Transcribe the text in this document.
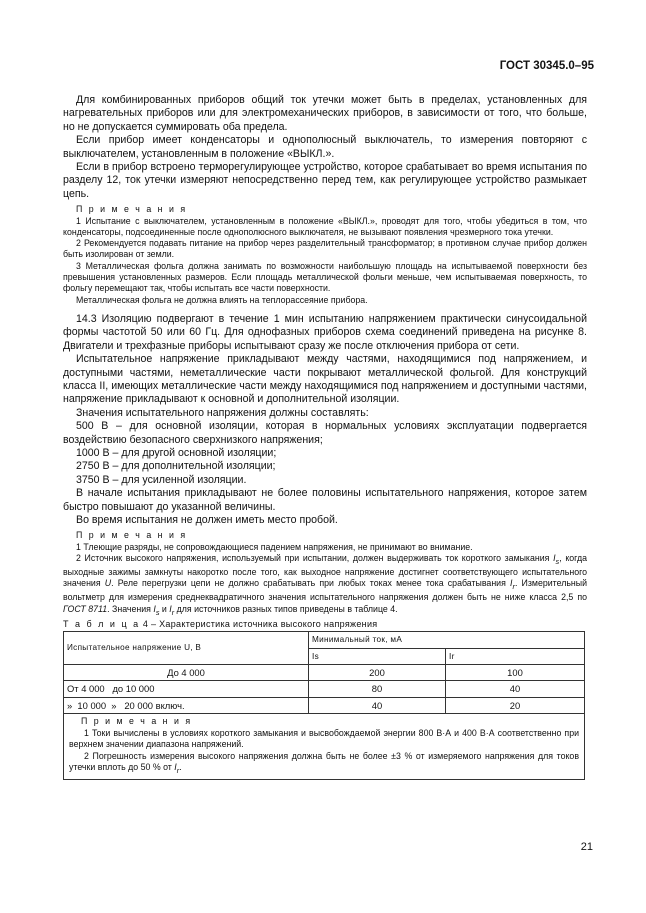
ГОСТ 30345.0–95

Для комбинированных приборов общий ток утечки может быть в пределах, установленных для нагревательных приборов или для электромеханических приборов, в зависимости от того, что больше, но не допускается суммировать оба предела.

Если прибор имеет конденсаторы и однополюсный выключатель, то измерения повторяют с выключателем, установленным в положение «ВЫКЛ.».

Если в прибор встроено терморегулирующее устройство, которое срабатывает во время испытания по разделу 12, ток утечки измеряют непосредственно перед тем, как регулирующее устройство размыкает цепь.

П р и м е ч а н и я

1 Испытание с выключателем, установленным в положение «ВЫКЛ.», проводят для того, чтобы убедиться в том, что конденсаторы, подсоединенные после однополюсного выключателя, не вызывают появления чрезмерного тока утечки.

2 Рекомендуется подавать питание на прибор через разделительный трансформатор; в противном случае прибор должен быть изолирован от земли.

3 Металлическая фольга должна занимать по возможности наибольшую площадь на испытываемой поверхности без превышения установленных размеров. Если площадь металлической фольги меньше, чем испытываемая поверхность, то фольгу перемещают так, чтобы испытать все части поверхности.

Металлическая фольга не должна влиять на теплорассеяние прибора.

14.3 Изоляцию подвергают в течение 1 мин испытанию напряжением практически синусоидальной формы частотой 50 или 60 Гц. Для однофазных приборов схема соединений приведена на рисунке 8. Двигатели и трехфазные приборы испытывают сразу же после отключения прибора от сети.

Испытательное напряжение прикладывают между частями, находящимися под напряжением, и доступными частями, неметаллические части покрывают металлической фольгой. Для конструкций класса II, имеющих металлические части между находящимися под напряжением и доступными частями, напряжение прикладывают к основной и дополнительной изоляции.

Значения испытательного напряжения должны составлять:

500 В – для основной изоляции, которая в нормальных условиях эксплуатации подвергается воздействию безопасного сверхнизкого напряжения;

1000 В – для другой основной изоляции;

2750 В – для дополнительной изоляции;

3750 В – для усиленной изоляции.

В начале испытания прикладывают не более половины испытательного напряжения, которое затем быстро повышают до указанной величины.

Во время испытания не должен иметь место пробой.

П р и м е ч а н и я

1 Тлеющие разряды, не сопровождающиеся падением напряжения, не принимают во внимание.

2 Источник высокого напряжения, используемый при испытании, должен выдерживать ток короткого замыкания $I_s$, когда выходные зажимы замкнуты накоротко после того, как выходное напряжение достигнет соответствующего испытательного значения U. Реле перегрузки цепи не должно срабатывать при любых токах менее тока срабатывания $I_r$. Измерительный вольтметр для измерения среднеквадратичного значения испытательного напряжения должен быть не ниже класса 2,5 по ГОСТ 8711. Значения $I_s$ и $I_r$ для источников разных типов приведены в таблице 4.

Т а б л и ц а 4 – Характеристика источника высокого напряжения

Испытательное напряжение U, В	Минимальный ток, мА	
	Is	Ir
До 4 000	200	100
От 4 000   до 10 000	80	40
»  10 000  »   20 000 включ.	40	20

П р и м е ч а н и я

1 Токи вычислены в условиях короткого замыкания и высвобождаемой энергии 800 В·А и 400 В·А соответственно при верхнем значении диапазона напряжений.

2 Погрешность измерения высокого напряжения должна быть не более ±3 % от измеряемого напряжения для токов утечки вплоть до 50 % от $I_r$.		

21
